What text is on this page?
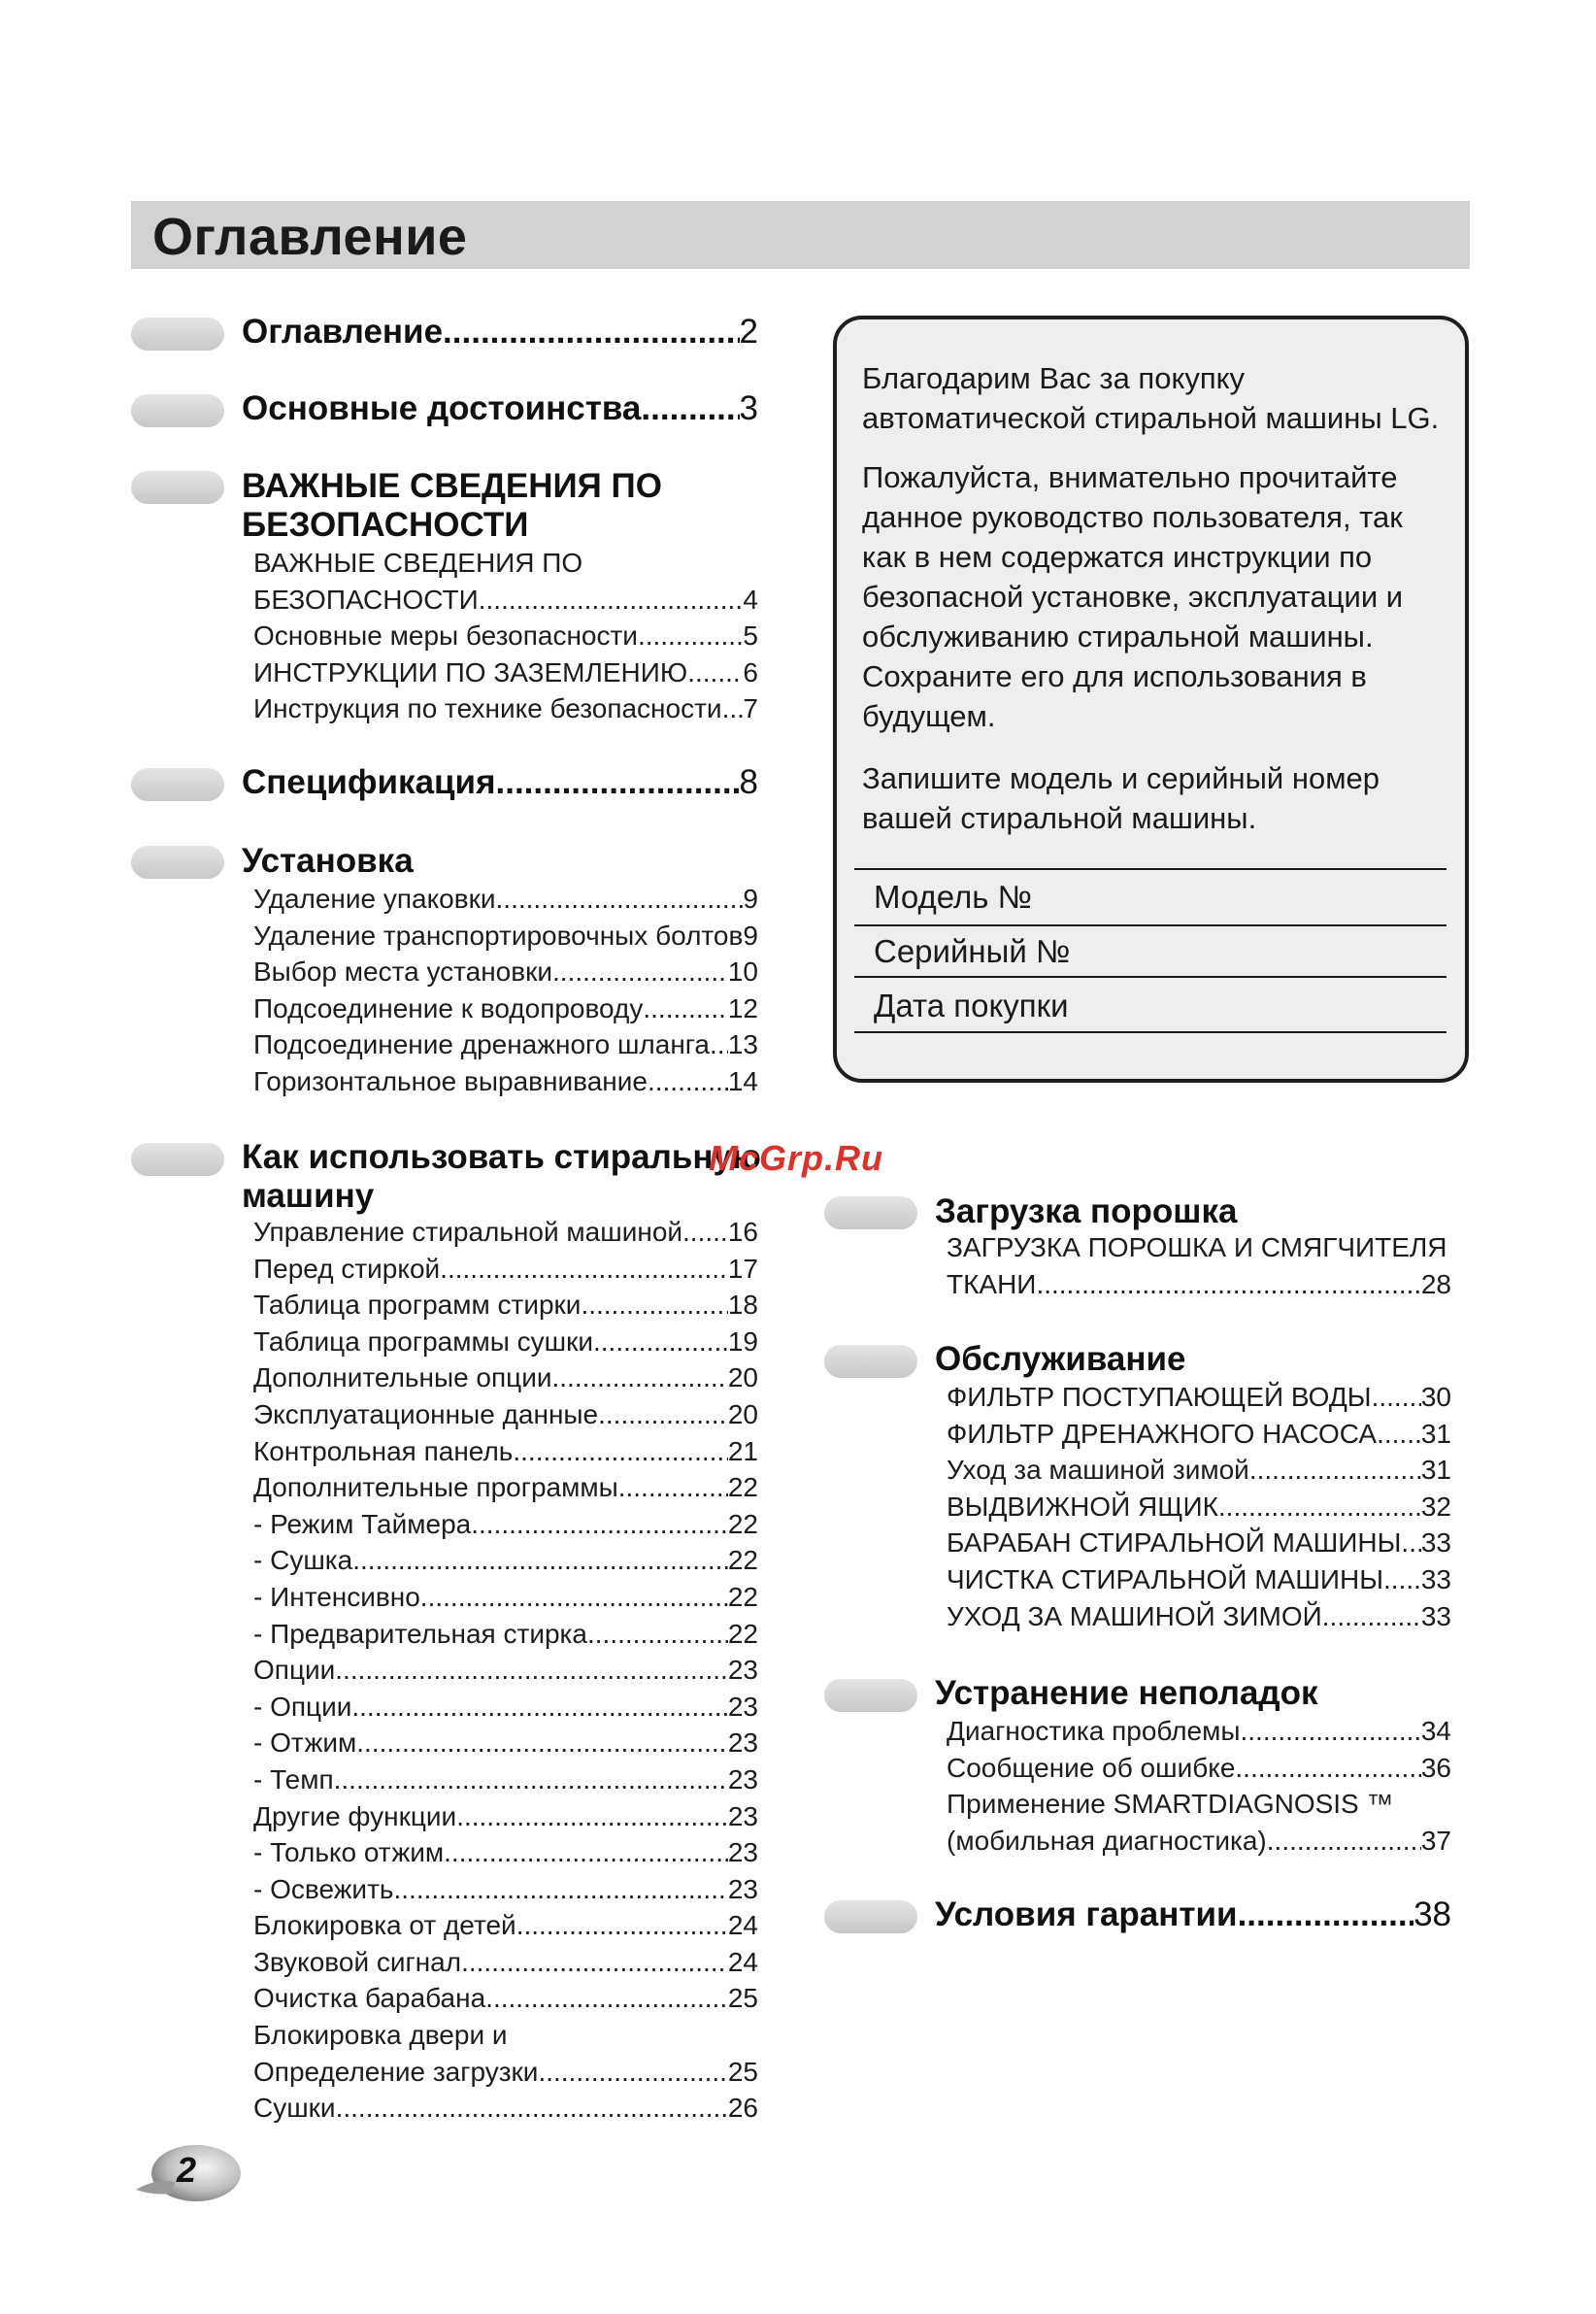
Оглавление
Оглавление .....	2
Основные достоинства .....	3
ВАЖНЫЕ СВЕДЕНИЯ ПО
БЕЗОПАСНОСТИ
ВАЖНЫЕ СВЕДЕНИЯ ПО
БЕЗОПАСНОСТИ .....	4
Основные меры безопасности. .....	5
ИНСТРУКЦИИ ПО ЗАЗЕМЛЕНИЮ ..... 6
Инструкция по технике безопасности ..... 7
Спецификация .....	8
Установка
Удаление упаковки .....	9
Удаление транспортировочных болтов ..... 9
Выбор места установки .....	10
Подсоединение к водопроводу .....	12
Подсоединение дренажного шланга ..... 13
Горизонтальное выравнивание .....	14
Как использовать стиральную
машину
Управление стиральной машиной ..... 16
Перед стиркой .....	17
Таблица программ стирки .....	18
Таблица программы сушки. .....	19
Дополнительные опции .....	20
Эксплуатационные данные .....	20
Контрольная панель .....	21
Дополнительные программы .....	22
- Режим Таймера .....	22
- Сушка .....	22
- Интенсивно .....	22
- Предварительная стирка .....	22
Опции .....	23
- Опции .....	23
- Отжим .....	23
- Темп. .....	23
Другие функции .....	23
- Только отжим .....	23
- Освежить .....	23
Блокировка от детей .....	24
Звуковой сигнал .....	24
Очистка барабана .....	25
Блокировка двери и
Определение загрузки .....	25
Сушки .....	26
Благодарим Вас за покупку автоматической стиральной машины LG.
Пожалуйста, внимательно прочитайте данное руководство пользователя, так как в нем содержатся инструкции по безопасной установке, эксплуатации и обслуживанию стиральной машины. Сохраните его для использования в будущем.
Запишите модель и серийный номер вашей стиральной машины.
Модель №
Серийный №
Дата покупки
McGrp.Ru
Загрузка порошка
ЗАГРУЗКА ПОРОШКА И СМЯГЧИТЕЛЯ
ТКАНИ .....	28
Обслуживание
ФИЛЬТР ПОСТУПАЮЩЕЙ ВОДЫ ..... 30
ФИЛЬТР ДРЕНАЖНОГО НАСОСА ..... 31
Уход за машиной зимой .....	31
ВЫДВИЖНОЙ ЯЩИК .....	32
БАРАБАН СТИРАЛЬНОЙ МАШИНЫ ..... 33
ЧИСТКА СТИРАЛЬНОЙ МАШИНЫ ..... 33
УХОД ЗА МАШИНОЙ ЗИМОЙ .....	33
Устранение неполадок
Диагностика проблемы .....	34
Сообщение об ошибке .....	36
Применение SMARTDIAGNOSIS ™
(мобильная диагностика) .....	37
Условия гарантии .....	38
2
